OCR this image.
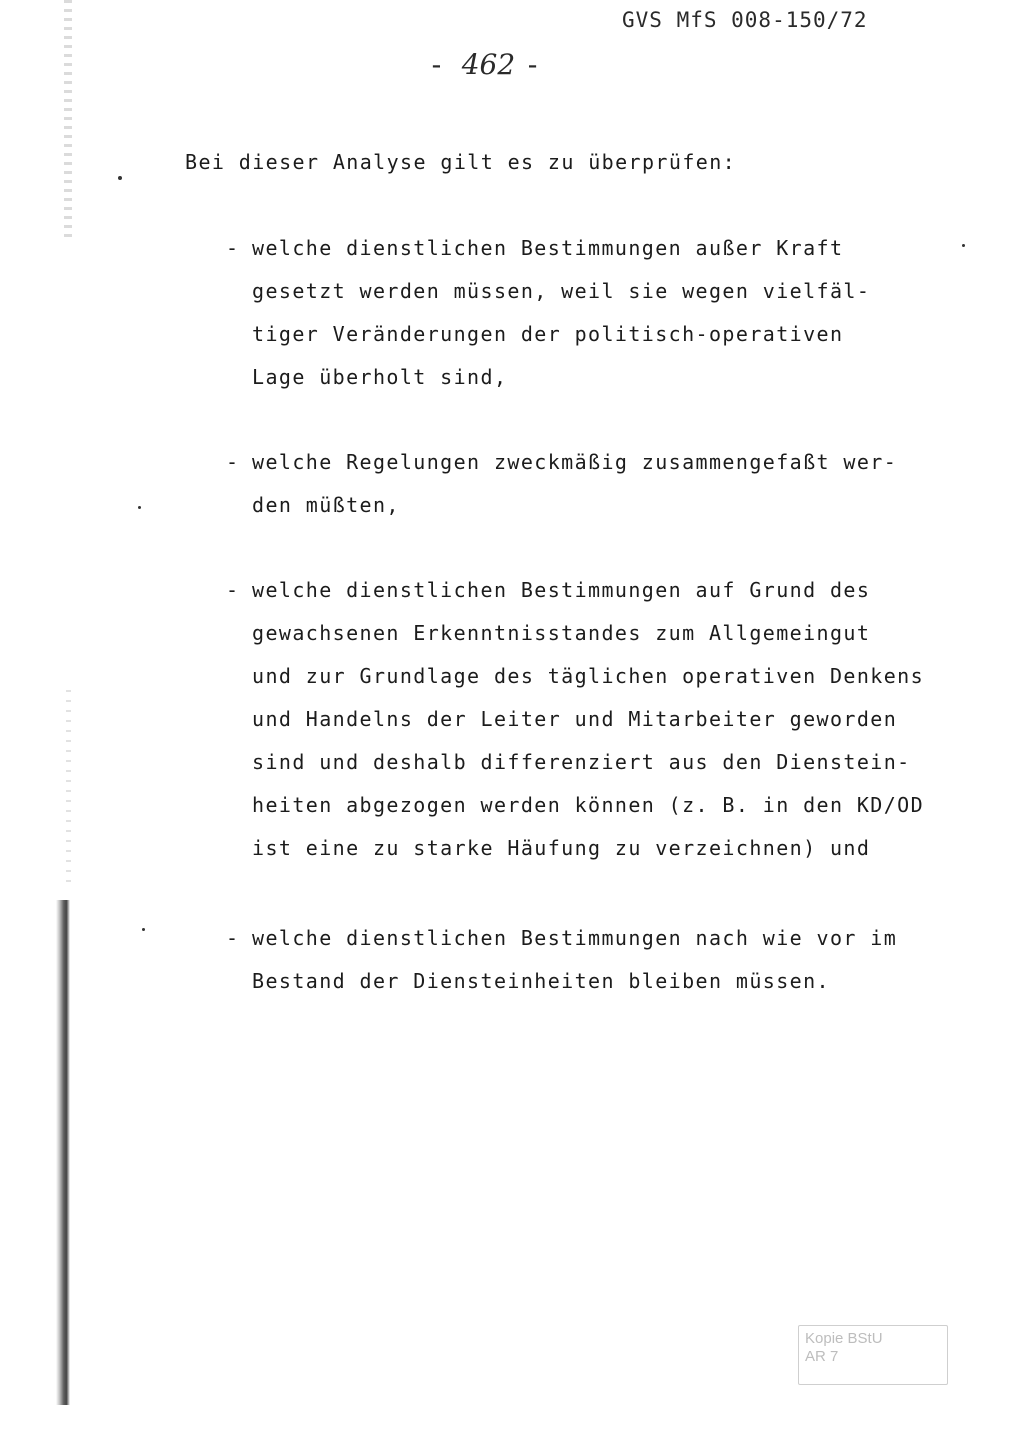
GVS MfS 008-150/72
- 462 -
Bei dieser Analyse gilt es zu überprüfen:
- welche dienstlichen Bestimmungen außer Kraft
gesetzt werden müssen, weil sie wegen vielfäl-
tiger Veränderungen der politisch-operativen
Lage überholt sind,
- welche Regelungen zweckmäßig zusammengefaßt wer-
den müßten,
- welche dienstlichen Bestimmungen auf Grund des
gewachsenen Erkenntnisstandes zum Allgemeingut
und zur Grundlage des täglichen operativen Denkens
und Handelns der Leiter und Mitarbeiter geworden
sind und deshalb differenziert aus den Dienstein-
heiten abgezogen werden können (z. B. in den KD/OD
ist eine zu starke Häufung zu verzeichnen) und
- welche dienstlichen Bestimmungen nach wie vor im
Bestand der Diensteinheiten bleiben müssen.
Kopie BStU
AR 7
